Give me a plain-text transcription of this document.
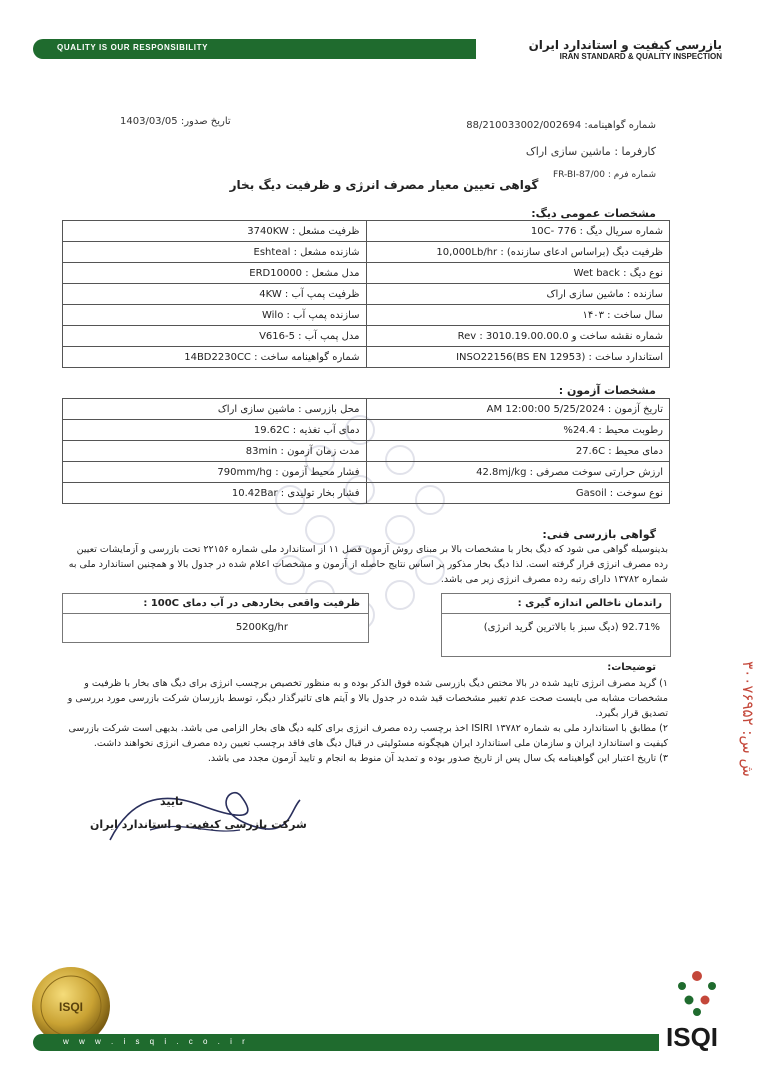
QUALITY IS OUR RESPONSIBILITY	بازرسی کیفیت و استاندارد ایران
IRAN STANDARD & QUALITY INSPECTION
تاریخ صدور: 1403/03/05	شماره گواهینامه: 88/210033002/002694
کارفرما : ماشین سازی اراک
شماره فرم : FR-BI-87/00
گواهی تعیین معیار مصرف انرژی و ظرفیت دیگ بخار
مشخصات عمومی دیگ:
ظرفیت مشعل : 3740KW	شماره سریال دیگ : 776 -10C
شازنده مشعل : Eshteal	ظرفیت دیگ (براساس ادعای سازنده) : 10,000Lb/hr
مدل مشعل : ERD10000	نوع دیگ : Wet back
ظرفیت پمپ آب : 4KW	سازنده : ماشین سازی اراک
سازنده پمپ آب : Wilo	سال ساخت : ۱۴۰۳
مدل پمپ آب : V616-5	شماره نقشه ساخت و Rev : 3010.19.00.00.0
شماره گواهینامه ساخت : 14BD2230CC	استاندارد ساخت : INSO22156(BS EN 12953)
مشخصات آزمون :
محل بازرسی : ماشین سازی اراک	تاریخ آزمون : 5/25/2024 12:00:00 AM
دمای آب تغذیه : 19.62C	رطوبت محیط : 24.4%
مدت زمان آزمون : 83min	دمای محیط : 27.6C
فشار محیط آزمون : 790mm/hg	ارزش حرارتی سوخت مصرفی : 42.8mj/kg
فشار بخار تولیدی : 10.42Bar	نوع سوخت : Gasoil
گواهی بازرسی فنی:
بدینوسیله گواهی می شود که دیگ بخار با مشخصات بالا بر مبنای روش آزمون فصل ۱۱ از استاندارد ملی شماره ۲۲۱۵۶ تحت بازرسی و آزمایشات تعیین رده مصرف انرژی قرار گرفته است. لذا دیگ بخار مذکور بر اساس نتایج حاصله از آزمون و مشخصات اعلام شده در جدول بالا و همچنین استاندارد ملی به شماره ۱۳۷۸۲ دارای رتبه رده مصرف انرژی زیر می باشد.
راندمان ناخالص اندازه گیری :
92.71% (دیگ سبز با بالاترین گرید انرژی)
ظرفیت واقعی بخاردهی در آب دمای 100C :
5200Kg/hr
توضیحات:
۱) گرید مصرف انرژی تایید شده در بالا مختص دیگ بازرسی شده فوق الذکر بوده و به منظور تخصیص برچسب انرژی برای دیگ های بخار با ظرفیت و مشخصات مشابه می بایست صحت عدم تغییر مشخصات قید شده در جدول بالا و آیتم های تاثیرگذار دیگر، توسط بازرسان شرکت بازرسی مورد بررسی و تصدیق قرار بگیرد.
۲) مطابق با استاندارد ملی به شماره ISIRI ۱۳۷۸۲ اخذ برچسب رده مصرف انرژی برای کلیه دیگ های بخار الزامی می باشد. بدیهی است شرکت بازرسی کیفیت و استاندارد ایران و سازمان ملی استاندارد ایران هیچگونه مسئولیتی در قبال دیگ های فاقد برچسب تعیین رده مصرف انرژی نخواهند داشت.
۳) تاریخ اعتبار این گواهینامه یک سال پس از تاریخ صدور بوده و تمدید آن منوط به انجام و تایید آزمون مجدد می باشد.
تایید
شرکت بازرسی کیفیت و استاندارد ایران
ش س: ۳۰۰۷۶۹۵۲
ISQI
w w w . i s q i . c o . i r	ISQI
